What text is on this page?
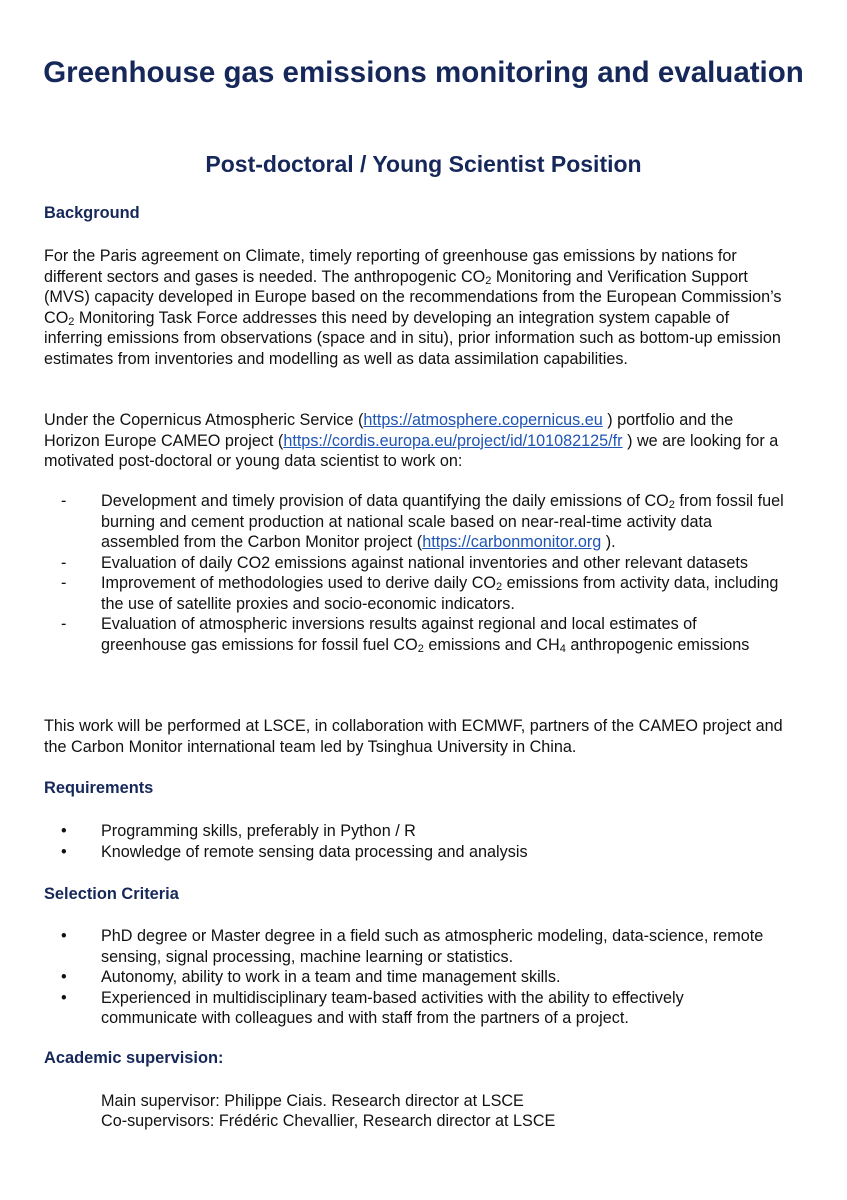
Greenhouse gas emissions monitoring and evaluation
Post-doctoral / Young Scientist Position
Background

For the Paris agreement on Climate, timely reporting of greenhouse gas emissions by nations for different sectors and gases is needed. The anthropogenic $CO_2$ Monitoring and Verification Support (MVS) capacity developed in Europe based on the recommendations from the European Commission’s $CO_2$ Monitoring Task Force addresses this need by developing an integration system capable of inferring emissions from observations (space and in situ), prior information such as bottom-up emission estimates from inventories and modelling as well as data assimilation capabilities.

Under the Copernicus Atmospheric Service (https://atmosphere.copernicus.eu ) portfolio and the Horizon Europe CAMEO project (https://cordis.europa.eu/project/id/101082125/fr ) we are looking for a motivated post-doctoral or young data scientist to work on:

-	Development and timely provision of data quantifying the daily emissions of $CO_2$ from fossil fuel burning and cement production at national scale based on near-real-time activity data assembled from the Carbon Monitor project (https://carbonmonitor.org ).
-	Evaluation of daily CO2 emissions against national inventories and other relevant datasets
-	Improvement of methodologies used to derive daily $CO_2$ emissions from activity data, including the use of satellite proxies and socio-economic indicators.
-	Evaluation of atmospheric inversions results against regional and local estimates of greenhouse gas emissions for fossil fuel $CO_2$ emissions and $CH_4$ anthropogenic emissions

This work will be performed at LSCE, in collaboration with ECMWF, partners of the CAMEO project and the Carbon Monitor international team led by Tsinghua University in China.

Requirements
•	Programming skills, preferably in Python / R
•	Knowledge of remote sensing data processing and analysis
Selection Criteria
•	PhD degree or Master degree in a field such as atmospheric modeling, data-science, remote sensing, signal processing, machine learning or statistics.
•	Autonomy, ability to work in a team and time management skills.
•	Experienced in multidisciplinary team-based activities with the ability to effectively communicate with colleagues and with staff from the partners of a project.
Academic supervision:

Main supervisor: Philippe Ciais. Research director at LSCE

Co-supervisors: Frédéric Chevallier, Research director at LSCE
